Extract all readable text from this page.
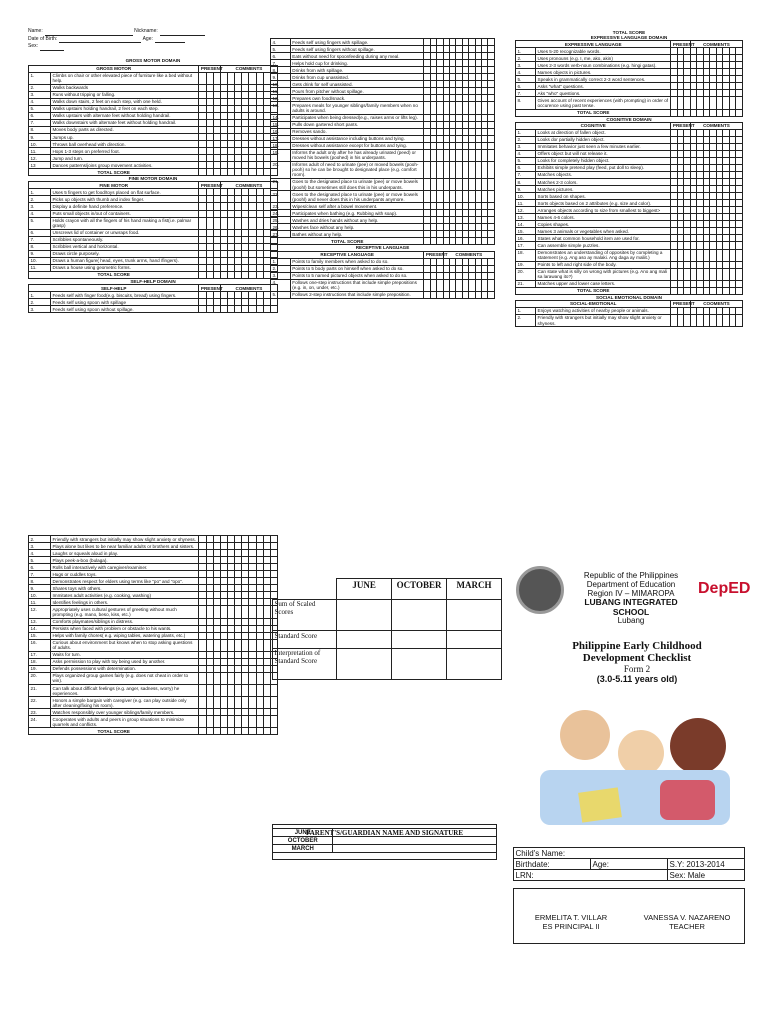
Name:
	Nickname:
Date of Birth:
	Age:
Sex:
GROSS MOTOR DOMAIN
GROSS MOTOR		PRESENT			COMMENTS							
1.	Climbs on chair or other elevated piece of furniture like a bed without help.											
2.	Walks backwards											
3.	Runs without tripping or falling.											
4.	Walks down stairs, 2 feet on each step, with one held.											
5.	Walks upstairs holding handrail, 2 feet on each step.											
6.	Walks upstairs with alternate feet without holding handrail.											
7.	Walks downstairs with alternate feet without holding handrail.											
8.	Moves body parts as directed.											
9.	Jumps up.											
10.	Throws ball overhead with direction.											
11.	Hops 1-3 steps on preferred foot.											
12.	Jump and turn.											
13	Dances patterns/joins group movement activities.											
TOTAL SCORE												
FINE MOTOR DOMAIN
FINE MOTOR		PRESENT			COMMENTS							
1.	Uses 5 fingers to get food/toys placed on flat surface.											
2.	Picks up objects with thumb and index finger.											
3.	Display a definite hand preference.											
4.	Puts small objects in/out of containers.											
5.	Holds crayon with all the fingers of his hand making a fist(i.e. palmar grasp)											
6.	Unscrews lid of container or unwraps food.											
7.	Scribbles spontaneously.											
8.	Scribbles vertical and horizontal.											
9.	Draws circle purposely.											
10.	Draws a human figure( head, eyes, trunk arms, hand /fingers).											
11.	Draws a house using geometric forms.											
TOTAL SCORE												
SELF-HELP DOMAIN
SELF-HELP		PRESENT			COMMENTS							
1.	Feeds self with finger food(e.g. biscuits, bread) using fingers.											
2.	Feeds self using spoon with spillage											
3.	Feeds self using spoon without spillage.											
4.	Feeds self using fingers with spillage.											
5.	Feeds self using fingers without spillage.											
6.	Eats without need for spoonfeeding during any meal.											
7.	Helps hold cup for drinking.											
8.	Drinks from with spillage.											
9.	Drinks from cup unassisted.											
10.	Gets drink for self unassisted.											
11.	Pours from pitcher without spillage.											
12.	Prepares own food/snack.											
13.	Prepares meals for younger siblings/family members when no adults is around.											
14.	Participates when being dressed(e.g., raises arms or lifts leg).											
15.	Pulls down gartered short pants.											
16.	Removes sando.											
17.	Dresses without assistance including buttons and tying.											
18.	Dresses without assistance except for buttons and tying.											
19.	Informs the adult only after he has already urinated (peed) or moved his bowels (poohed) in his underpants.											
20.	Informs adult of need to urinate (pee) or moved bowels (pooh-pooh) so he can be brought to designated place (e.g. comfort room).											
21.	Goes to the designated place to urinate (pee) or move bowels (poohl) but sometimes still does this in his underpants.											
22.	Goes to the designated place to urinate (pee) or move bowels (poohl) and never does this in his underpants anymore.											
23.	Wipes/clean self after a bowel movement.											
24.	Participates when bathing (e.g. Rubbing with soap).											
25.	Washes and dries hands without any help.											
26.	Washes face without any help.											
27.	Bathes without any help.											
TOTAL SCORE												
RECEPTIVE LANGUAGE
RECEPTIVE LANGUAGE		PRESENT			COMMENTS							
1.	Points to family members when asked to do so.											
2.	Points to 5 body parts on himself when asked to do so.											
3.	Points to 5 named pictured objects when asked to do so.											
4.	Follows one-step instructions that include simple prepositions (e.g. in, on, under, etc.)											
5.	Follows 2-step instructions that include simple preposition.											
TOTAL SCORE
EXPRESSIVE LANGUAGE DOMAIN
EXPRESSIVE LANGUAGE		PRESENT			COMMENTS							
1.	Uses 5-20 recognizable words.											
2.	Uses pronouns (e.g. I, me, ako, akin)											
3.	Uses 2-3 words verb-noun combinations (e.g. hingi gatas).											
4.	Names objects in pictures.											
5.	Speaks in grammatically correct 2-3 word sentences.											
6.	Asks "what" questions.											
7.	Aks "who" questions.											
8.	Gives account of recent experiences (with prompting) in order of occurence using past tense.											
TOTAL SCORE												
COGNITIVE DOMAIN
COGNITIVE		PRESENT			COMMENTS							
1.	Looks at direction of fallen object.											
2.	Looks dor partially hidden object.											
3.	Immitates behavior just seen a few minutes earlier.											
4.	Offers object but will not release it.											
5.	Looks for completely hidden object.											
6.	Exhibits simple pretend play (feed, put doll to sleep).											
7.	Matches objects.											
8.	Matches 2-3 colors.											
9.	Matches pictures.											
10.	Sorts based on shapes.											
11.	Sorts objects based on 2 attributes (e.g. size and color).											
12.	Arranges objects according to size from smallest to biggest>											
13.	Names 4-6 colors.											
14.	Copies shapes.											
15.	Names 3 animals or vegetables when asked.											
16.	States what common household item are used for.											
17.	Can assemble simple puzzles.											
18.	Demonstrates an understanding of opposites by completing a statement (e.g. Ang aso ay malaki. Ang daga ay maliit.)											
19.	Points to left and right side of the body.											
20.	Can state what is silly on wrong with pictures (e.g. Ano ang mali sa larawang ito?)											
21.	Matches upper and lower case letters.											
TOTAL SCORE												
SOCIAL EMOTIONAL DOMAIN
SOCIAL-EMOTIONAL		PRESENT			COOMENTS							
1.	Enjoys watching activities of nearby people or animals.											
2.	Friendly with strangers but initially may show slight anxiety or shyness.											
2.	Friendly with strangers but initially may show slight anxiety or shyness.											
3.	Plays alone but likes to be near familiar adults or brothers and sisters.											
4.	Laughs or squeals aloud in play.											
5.	Plays peek-a-boo (bulaga).											
6.	Rolls ball interactively with caregiver/examiner.											
7.	Hugs or cuddles toys.											
8.	Demonstrates respect for elders using terms like "po" and "opo".											
9.	Shares toys with others.											
10.	Immitates adult activities (e.g. cooking, washing)											
11.	Identifies feelings in others.											
12.	Appropriately uses cultural gestures of greeting without much prompting (e.g. mano, beso, kiss, etc.)											
13.	Comforts playmates/siblings in distress.											
14.	Persists when faced with problem or obstacle to his wants.											
15.	Helps with family chores( e.g. wiping tables, watering plants, etc.)											
16.	Curious about environment but knows when to stop asking questions of adults.											
17.	Waits for turn.											
18.	Asks permission to play with toy being used by another.											
19.	Defends possessions with determination.											
20.	Plays organized group games fairly (e.g. does not cheat in order to win).											
21.	Can talk about difficult feelings (e.g. anger, sadness, worry) he experiences.											
22.	Honors a simple bargain with caregiver (e.g. can play outside only after cleaning/fixing his room).											
23.	Watches responsibly over younger siblings/family members.											
24.	Cooperates with adults and peers in group situations to minimize quarrels and conflicts.											
TOTAL SCORE												
	JUNE	OCTOBER	MARCH
Sum of Scaled Scores			
Standard Score			
Interpretation of Standard Score			
PARENT'S/GUARDIAN NAME AND SIGNATURE
JUNE	
OCTOBER	
MARCH	
Republic of the Philippines
Department of Education
Region IV – MIMAROPA
LUBANG INTEGRATED SCHOOL
Lubang
DepED
Philippine Early Childhood
Development Checklist
Form 2
(3.0-5.11 years old)
Child's Name:		
Birthdate:	Age:	S.Y: 2013-2014
LRN:		Sex: Male
ERMELITA T. VILLAR
ES PRINCIPAL II
VANESSA V. NAZARENO
TEACHER
